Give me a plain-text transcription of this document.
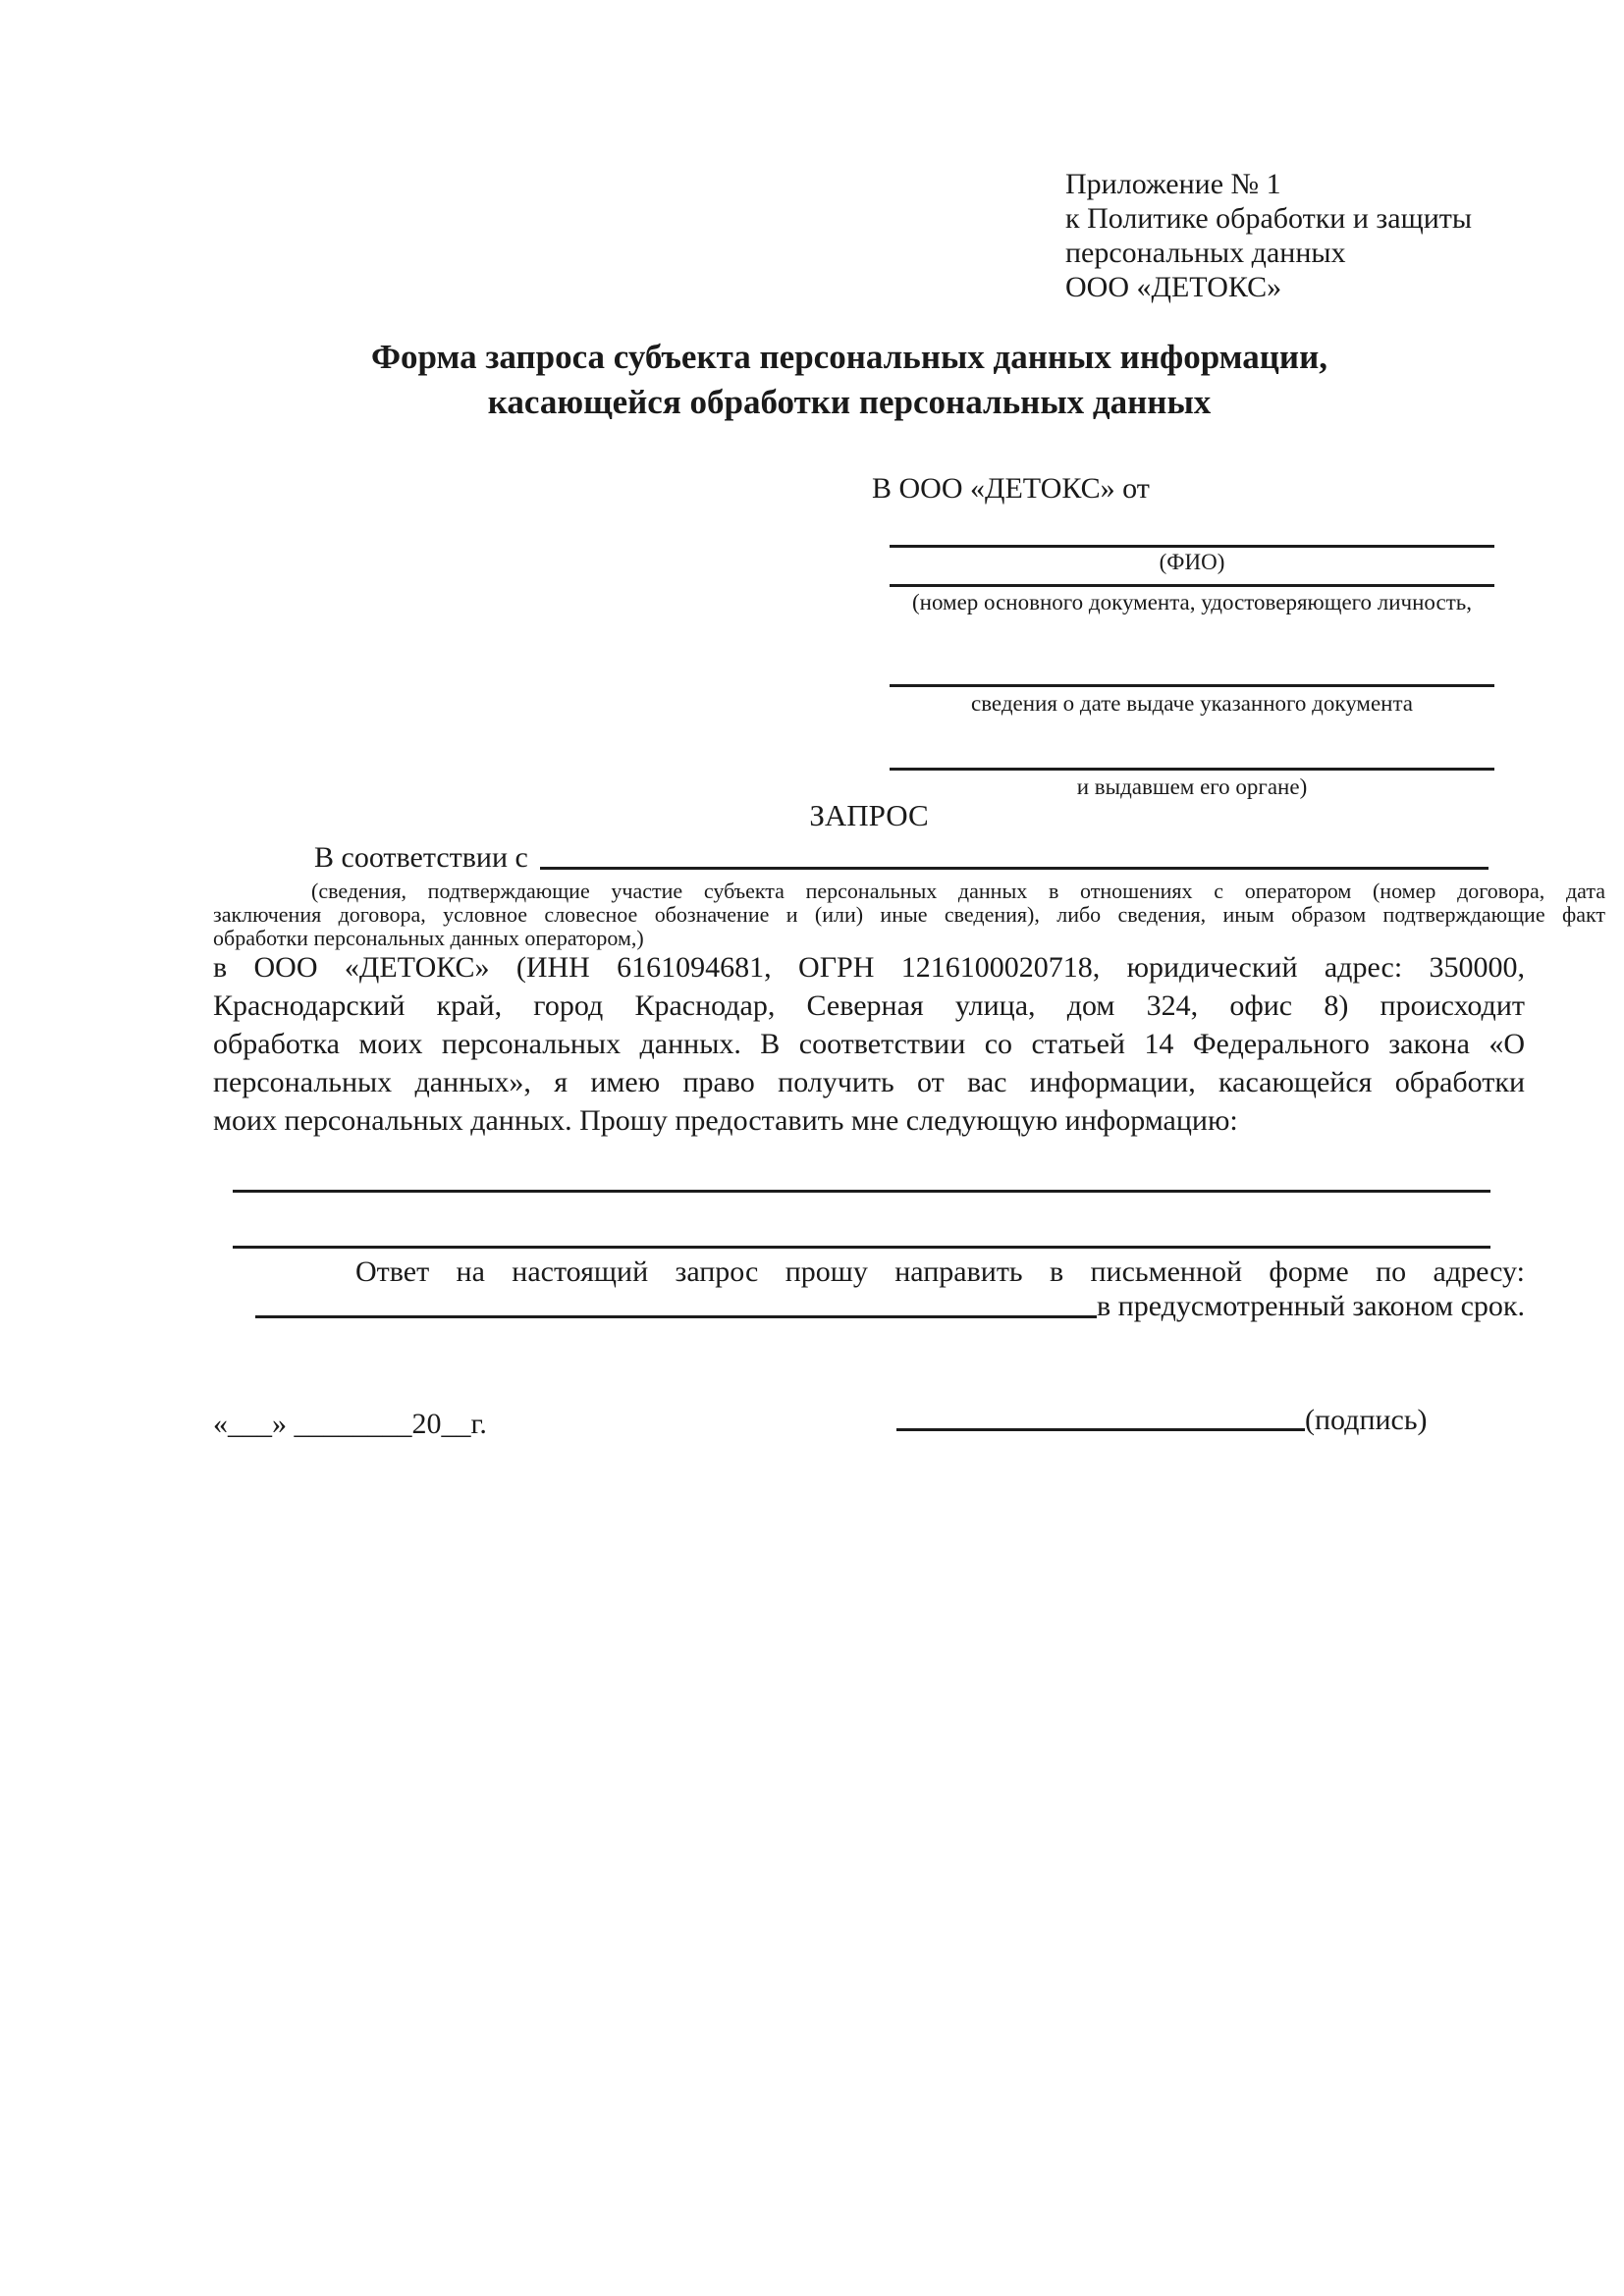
Приложение № 1
к Политике обработки и защиты
персональных данных
ООО «ДЕТОКС»
Форма запроса субъекта персональных данных информации,
касающейся обработки персональных данных
В ООО «ДЕТОКС» от
(ФИО)
(номер основного документа, удостоверяющего личность,
сведения о дате выдаче указанного документа
и выдавшем его органе)
ЗАПРОС
В соответствии с
(сведения, подтверждающие участие субъекта персональных данных в отношениях с оператором (номер договора, дата
заключения договора, условное словесное обозначение и (или) иные сведения), либо сведения, иным образом подтверждающие факт
обработки персональных данных оператором,)
в ООО «ДЕТОКС» (ИНН 6161094681, ОГРН 1216100020718, юридический адрес: 350000,
Краснодарский край, город Краснодар, Северная улица, дом 324, офис 8) происходит
обработка моих персональных данных. В соответствии со статьей 14 Федерального закона «О
персональных данных», я имею право получить от вас информации, касающейся обработки
моих персональных данных. Прошу предоставить мне следующую информацию:
Ответ на настоящий запрос прошу направить в письменной форме по адресу:
в предусмотренный законом срок.
«___» ________20__г.	(подпись)
